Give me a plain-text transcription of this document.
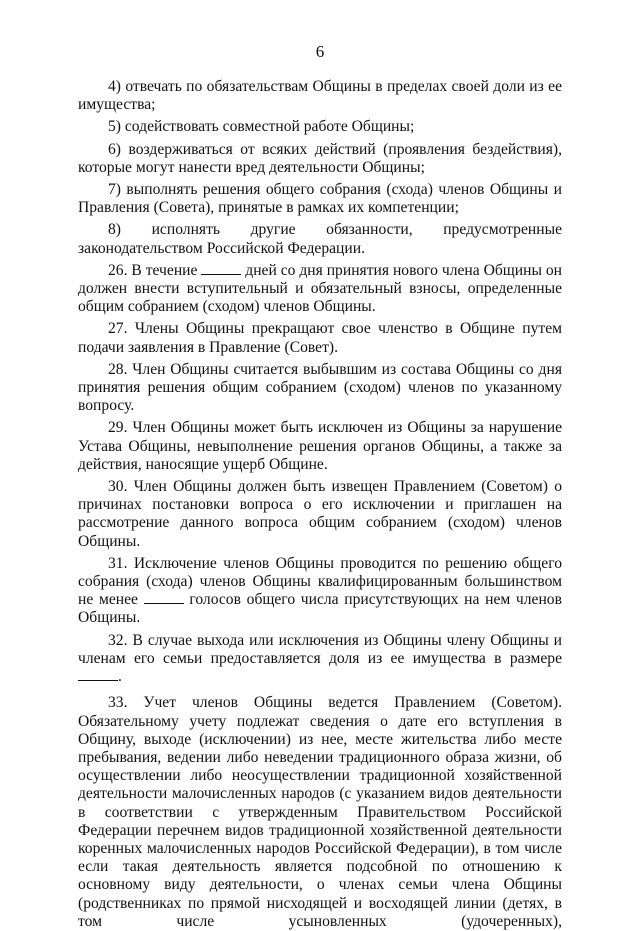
6

4) отвечать по обязательствам Общины в пределах своей доли из ее имущества;

5) содействовать совместной работе Общины;

6) воздерживаться от всяких действий (проявления бездействия), которые могут нанести вред деятельности Общины;

7) выполнять решения общего собрания (схода) членов Общины и Правления (Совета), принятые в рамках их компетенции;

8) исполнять другие обязанности, предусмотренные законодательством Российской Федерации.

26. В течение	дней со дня принятия нового члена Общины он должен внести вступительный и обязательный взносы, определенные общим собранием (сходом) членов Общины.

27. Члены Общины прекращают свое членство в Общине путем подачи заявления в Правление (Совет).

28. Член Общины считается выбывшим из состава Общины со дня принятия решения общим собранием (сходом) членов по указанному вопросу.

29. Член Общины может быть исключен из Общины за нарушение Устава Общины, невыполнение решения органов Общины, а также за действия, наносящие ущерб Общине.

30. Член Общины должен быть извещен Правлением (Советом) о причинах постановки вопроса о его исключении и приглашен на рассмотрение данного вопроса общим собранием (сходом) членов Общины.

31. Исключение членов Общины проводится по решению общего собрания (схода) членов Общины квалифицированным большинством не менее	голосов общего числа присутствующих на нем членов Общины.

32. В случае выхода или исключения из Общины члену Общины и членам его семьи предоставляется доля из ее имущества в размере .

33. Учет членов Общины ведется Правлением (Советом). Обязательному учету подлежат сведения о дате его вступления в Общину, выходе (исключении) из нее, месте жительства либо месте пребывания, ведении либо неведении традиционного образа жизни, об осуществлении либо неосуществлении традиционной хозяйственной деятельности малочисленных народов (с указанием видов деятельности в соответствии с утвержденным Правительством Российской Федерации перечнем видов традиционной хозяйственной деятельности коренных малочисленных народов Российской Федерации), в том числе если такая деятельность является подсобной по отношению к основному виду деятельности, о членах семьи члена Общины (родственниках по прямой нисходящей и восходящей линии (детях, в том числе усыновленных (удочеренных),
